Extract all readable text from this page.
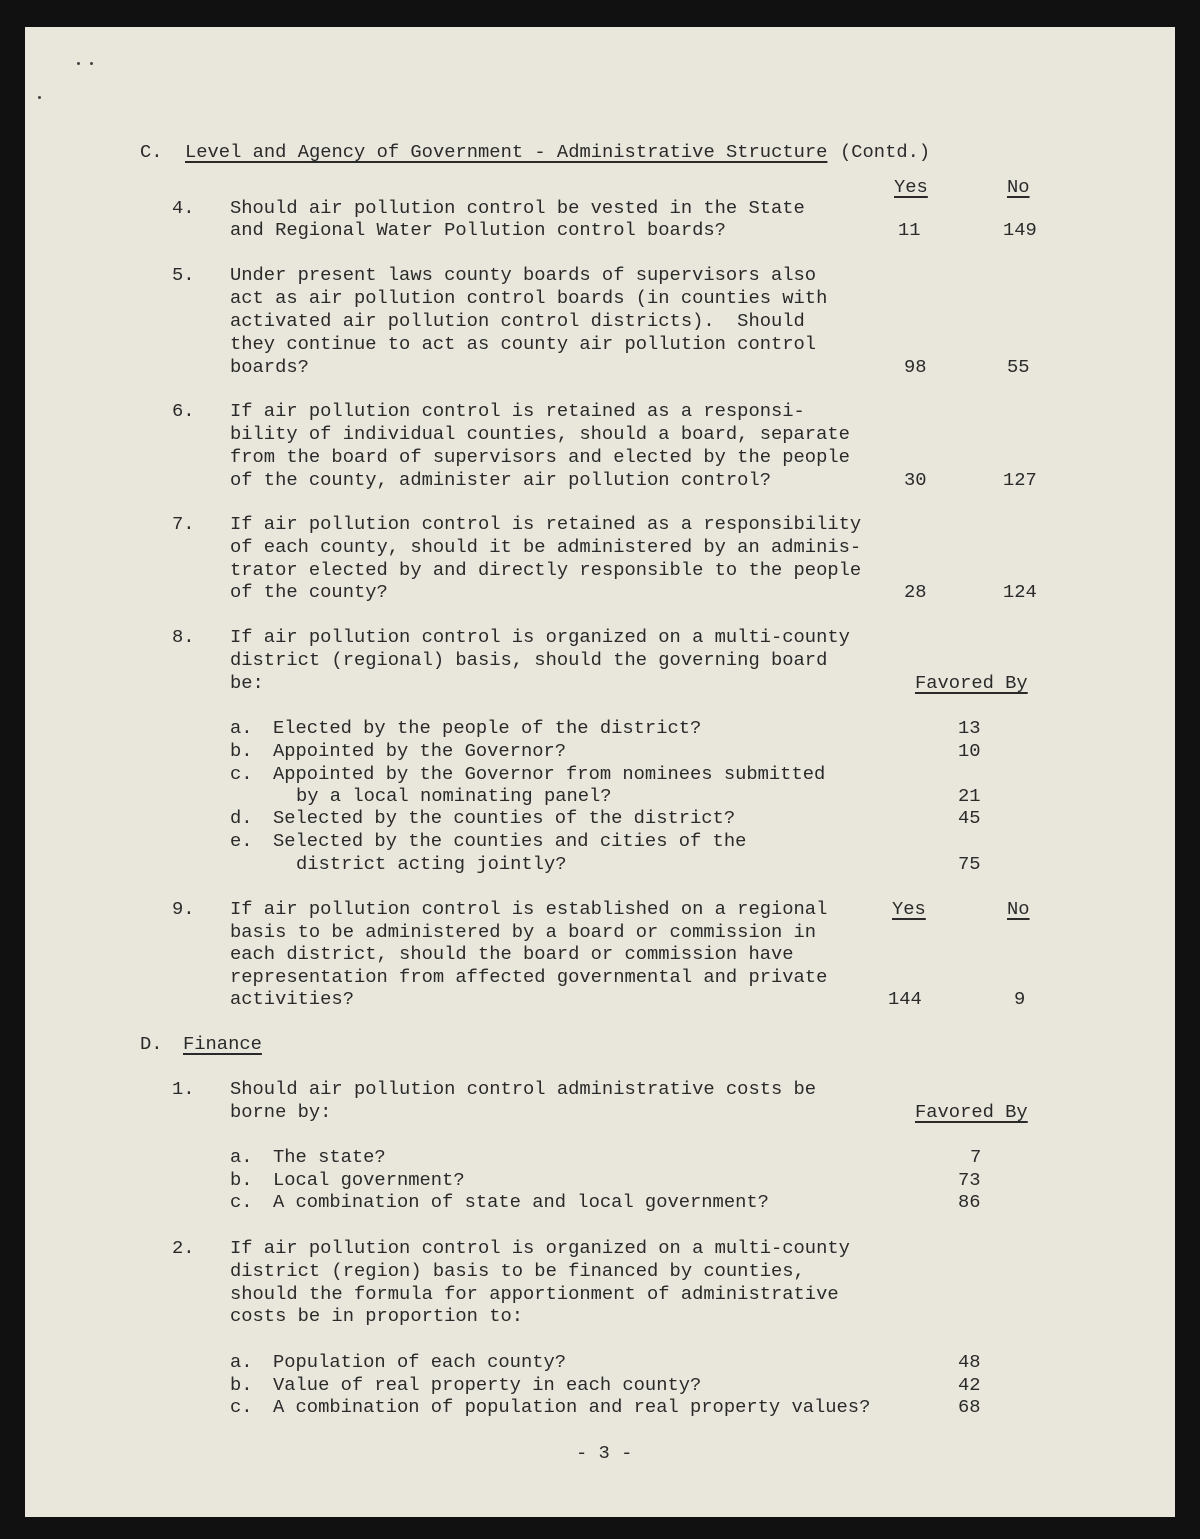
C. Level and Agency of Government - Administrative Structure (Contd.)
Yes	No
4. Should air pollution control be vested in the State
and Regional Water Pollution control boards?	11	149
5. Under present laws county boards of supervisors also
act as air pollution control boards (in counties with
activated air pollution control districts).  Should
they continue to act as county air pollution control
boards?	98	55
6. If air pollution control is retained as a responsi-
bility of individual counties, should a board, separate
from the board of supervisors and elected by the people
of the county, administer air pollution control?	30	127
7. If air pollution control is retained as a responsibility
of each county, should it be administered by an adminis-
trator elected by and directly responsible to the people
of the county?	28	124
8. If air pollution control is organized on a multi-county
district (regional) basis, should the governing board
be:	Favored By
a. Elected by the people of the district?	13
b. Appointed by the Governor?	10
c. Appointed by the Governor from nominees submitted
by a local nominating panel?	21
d. Selected by the counties of the district?	45
e. Selected by the counties and cities of the
district acting jointly?	75
9. If air pollution control is established on a regional	Yes	No
basis to be administered by a board or commission in
each district, should the board or commission have
representation from affected governmental and private
activities?	144	9
D. Finance
1. Should air pollution control administrative costs be
borne by:	Favored By
a. The state?	7
b. Local government?	73
c. A combination of state and local government?	86
2. If air pollution control is organized on a multi-county
district (region) basis to be financed by counties,
should the formula for apportionment of administrative
costs be in proportion to:
a. Population of each county?	48
b. Value of real property in each county?	42
c. A combination of population and real property values?	68
- 3 -
